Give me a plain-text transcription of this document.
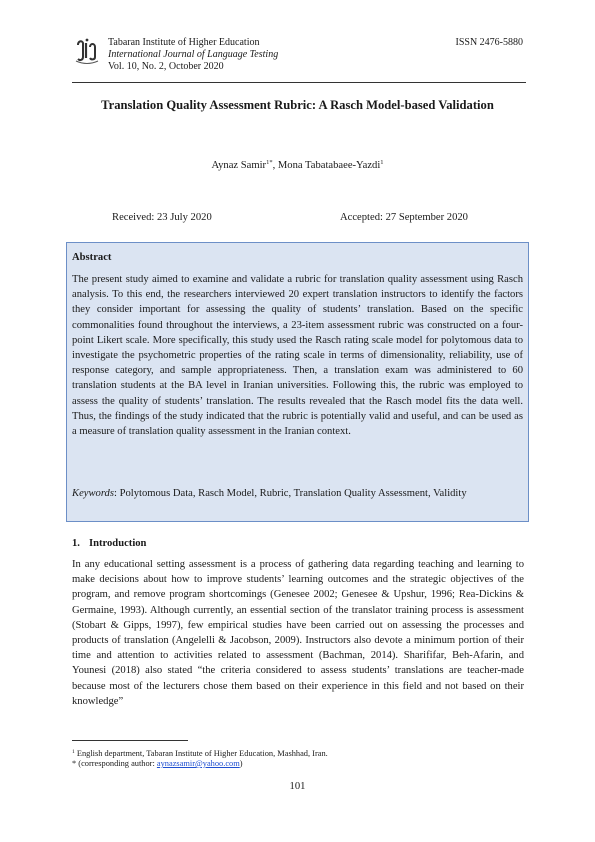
Tabaran Institute of Higher Education
International Journal of Language Testing
Vol. 10, No. 2, October 2020
ISSN 2476-5880
Translation Quality Assessment Rubric: A Rasch Model-based Validation
Aynaz Samir$^{1*}$, Mona Tabatabaee-Yazdi$^1$
Received: 23 July 2020	Accepted: 27 September 2020
Abstract
The present study aimed to examine and validate a rubric for translation quality assessment using Rasch analysis. To this end, the researchers interviewed 20 expert translation instructors to identify the factors they consider important for assessing the quality of students’ translation. Based on the specific commonalities found throughout the interviews, a 23-item assessment rubric was constructed on a four-point Likert scale. More specifically, this study used the Rasch rating scale model for polytomous data to investigate the psychometric properties of the rating scale in terms of dimensionality, reliability, use of response category, and sample appropriateness. Then, a translation exam was administered to 60 translation students at the BA level in Iranian universities. Following this, the rubric was employed to assess the quality of students’ translation. The results revealed that the Rasch model fits the data well. Thus, the findings of the study indicated that the rubric is potentially valid and useful, and can be used as a measure of translation quality assessment in the Iranian context.
Keywords: Polytomous Data, Rasch Model, Rubric, Translation Quality Assessment, Validity
1. Introduction
In any educational setting assessment is a process of gathering data regarding teaching and learning to make decisions about how to improve students’ learning outcomes and the strategic objectives of the program, and remove program shortcomings (Genesee 2002; Genesee & Upshur, 1996; Rea-Dickins & Germaine, 1993). Although currently, an essential section of the translator training process is assessment (Stobart & Gipps, 1997), few empirical studies have been carried out on assessing the processes and products of translation (Angelelli & Jacobson, 2009). Instructors also devote a minimum portion of their time and attention to activities related to assessment (Bachman, 2014). Sharififar, Beh-Afarin, and Younesi (2018) also stated “the criteria considered to assess students’ translations are teacher-made because most of the lecturers chose them based on their experience in this field and not based on their knowledge”
$^1$ English department, Tabaran Institute of Higher Education, Mashhad, Iran.
* (corresponding author: aynazsamir@yahoo.com)
101
